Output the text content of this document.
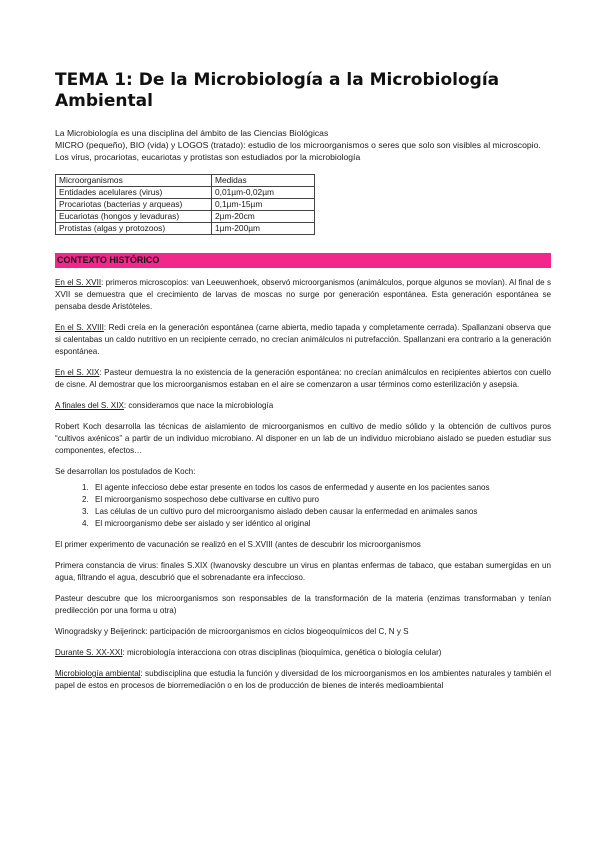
TEMA 1: De la Microbiología a la Microbiología Ambiental

La Microbiología es una disciplina del ámbito de las Ciencias Biológicas

MICRO (pequeño), BIO (vida) y LOGOS (tratado): estudio de los microorganismos o seres que solo son visibles al microscopio. Los virus, procariotas, eucariotas y protistas son estudiados por la microbiología

Microorganismos	Medidas
Entidades acelulares (virus)	0,01µm-0,02µm
Procariotas (bacterias y arqueas)	0,1µm-15µm
Eucariotas (hongos y levaduras)	2µm-20cm
Protistas (algas y protozoos)	1µm-200µm
CONTEXTO HISTÓRICO

En el S. XVII: primeros microscopios: van Leeuwenhoek, observó microorganismos (animálculos, porque algunos se movían). Al final de s XVII se demuestra que el crecimiento de larvas de moscas no surge por generación espontánea. Esta generación espontánea se pensaba desde Aristóteles.

En el S. XVIII: Redi creía en la generación espontánea (carne abierta, medio tapada y completamente cerrada). Spallanzani observa que si calentabas un caldo nutritivo en un recipiente cerrado, no crecían animálculos ni putrefacción. Spallanzani era contrario a la generación espontánea.

En el S. XIX: Pasteur demuestra la no existencia de la generación espontánea: no crecían animálculos en recipientes abiertos con cuello de cisne. Al demostrar que los microorganismos estaban en el aire se comenzaron a usar términos como esterilización y asepsia.

A finales del S. XIX: consideramos que nace la microbiología

Robert Koch desarrolla las técnicas de aislamiento de microorganismos en cultivo de medio sólido y la obtención de cultivos puros “cultivos axénicos” a partir de un individuo microbiano. Al disponer en un lab de un individuo microbiano aislado se pueden estudiar sus componentes, efectos…

Se desarrollan los postulados de Koch:

1. El agente infeccioso debe estar presente en todos los casos de enfermedad y ausente en los pacientes sanos
2. El microorganismo sospechoso debe cultivarse en cultivo puro
3. Las células de un cultivo puro del microorganismo aislado deben causar la enfermedad en animales sanos
4. El microorganismo debe ser aislado y ser idéntico al original

El primer experimento de vacunación se realizó en el S.XVIII (antes de descubrir los microorganismos

Primera constancia de virus: finales S.XIX (Iwanovsky descubre un virus en plantas enfermas de tabaco, que estaban sumergidas en un agua, filtrando el agua, descubrió que el sobrenadante era infeccioso.

Pasteur descubre que los microorganismos son responsables de la transformación de la materia (enzimas transformaban y tenían predilección por una forma u otra)

Winogradsky y Beijerinck: participación de microorganismos en ciclos biogeoquímicos del C, N y S

Durante S. XX-XXI: microbiología interacciona con otras disciplinas (bioquímica, genética o biología celular)

Microbiología ambiental: subdisciplina que estudia la función y diversidad de los microorganismos en los ambientes naturales y también el papel de estos en procesos de biorremediación o en los de producción de bienes de interés medioambiental
